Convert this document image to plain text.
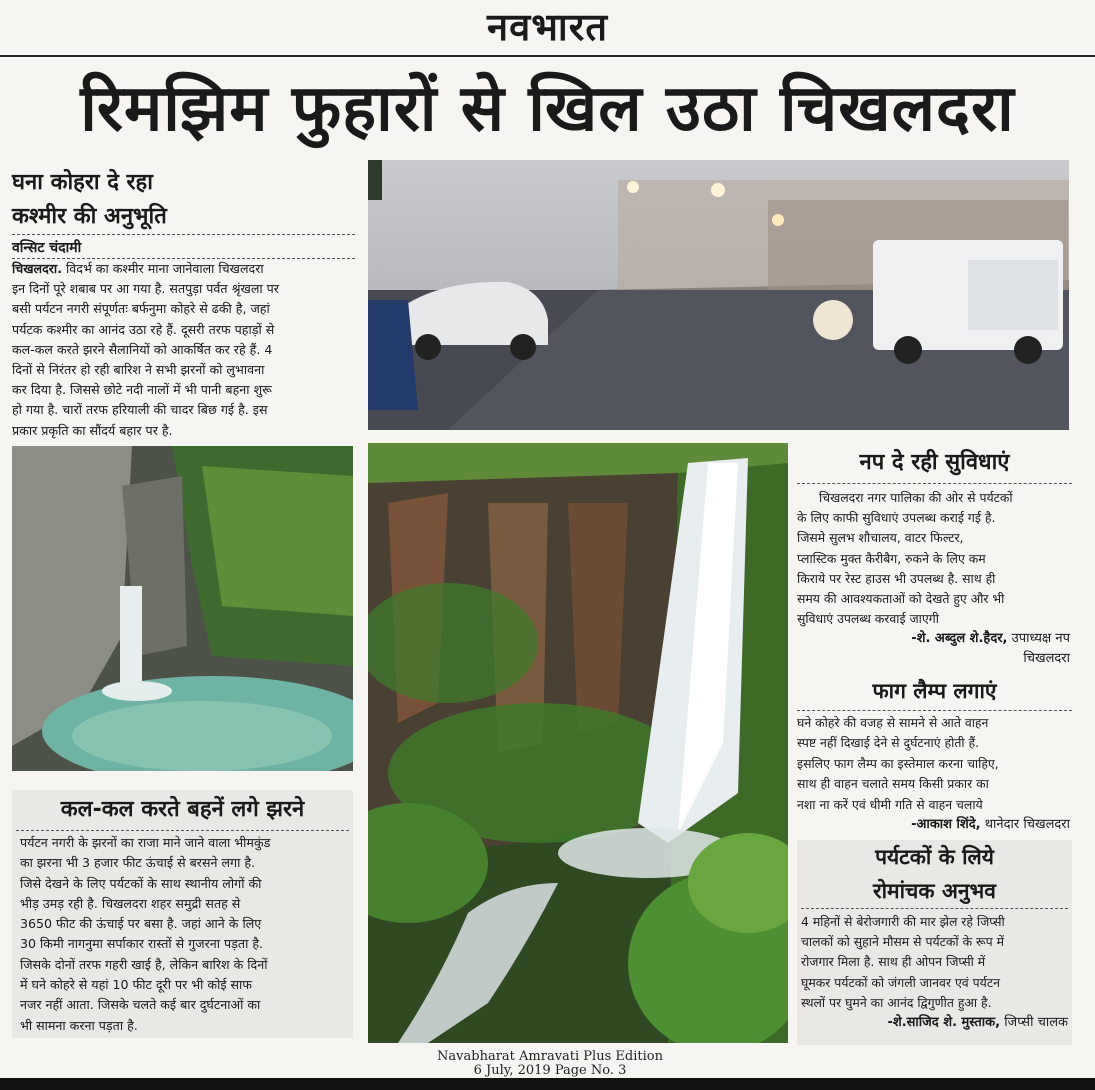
नवभारत
रिमझिम फुहारों से खिल उठा चिखलदरा
घना कोहरा दे रहा
कश्मीर की अनुभूति
वन्सिट चंदामी
चिखलदरा. विदर्भ का कश्मीर माना जानेवाला चिखलदरा
इन दिनों पूरे शबाब पर आ गया है. सतपुड़ा पर्वत श्रृंखला पर
बसी पर्यटन नगरी संपूर्णतः बर्फनुमा कोहरे से ढकी है, जहां
पर्यटक कश्मीर का आनंद उठा रहे हैं. दूसरी तरफ पहाड़ों से
कल-कल करते झरने सैलानियों को आकर्षित कर रहे हैं. 4
दिनों से निरंतर हो रही बारिश ने सभी झरनों को लुभावना
कर दिया है. जिससे छोटे नदी नालों में भी पानी बहना शुरू
हो गया है. चारों तरफ हरियाली की चादर बिछ गई है. इस
प्रकार प्रकृति का सौंदर्य बहार पर है.
कल-कल करते बहनें लगे झरने
पर्यटन नगरी के झरनों का राजा माने जाने वाला भीमकुंड
का झरना भी 3 हजार फीट ऊंचाई से बरसने लगा है.
जिसे देखने के लिए पर्यटकों के साथ स्थानीय लोगों की
भीड़ उमड़ रही है. चिखलदरा शहर समुद्री सतह से
3650 फीट की ऊंचाई पर बसा है. जहां आने के लिए
30 किमी नागनुमा सर्पाकार रास्तों से गुजरना पड़ता है.
जिसके दोनों तरफ गहरी खाई है, लेकिन बारिश के दिनों
में घने कोहरे से यहां 10 फीट दूरी पर भी कोई साफ
नजर नहीं आता. जिसके चलते कई बार दुर्घटनाओं का
भी सामना करना पड़ता है.
नप दे रही सुविधाएं
चिखलदरा नगर पालिका की ओर से पर्यटकों
के लिए काफी सुविधाएं उपलब्ध कराई गई है.
जिसमे सुलभ शौचालय, वाटर फिल्टर,
प्लास्टिक मुक्त कैरीबैग, रुकने के लिए कम
किराये पर रेस्ट हाउस भी उपलब्ध है. साथ ही
समय की आवश्यकताओं को देखते हुए और भी
सुविधाएं उपलब्ध करवाई जाएगी
-शे. अब्दुल शे.हैदर, उपाध्यक्ष नप
चिखलदरा
फाग लैम्प लगाएं
घने कोहरे की वजह से सामने से आते वाहन
स्पष्ट नहीं दिखाई देने से दुर्घटनाएं होती हैं.
इसलिए फाग लैम्प का इस्तेमाल करना चाहिए,
साथ ही वाहन चलाते समय किसी प्रकार का
नशा ना करें एवं धीमी गति से वाहन चलाये
-आकाश शिंदे, थानेदार चिखलदरा
पर्यटकों के लिये
रोमांचक अनुभव
4 महिनों से बेरोजगारी की मार झेल रहे जिप्सी
चालकों को सुहाने मौसम से पर्यटकों के रूप में
रोजगार मिला है. साथ ही ओपन जिप्सी में
घूमकर पर्यटकों को जंगली जानवर एवं पर्यटन
स्थलों पर घुमने का आनंद द्विगुणीत हुआ है.
-शे.साजिद शे. मुस्ताक, जिप्सी चालक
Navabharat Amravati Plus Edition
6 July, 2019 Page No. 3
